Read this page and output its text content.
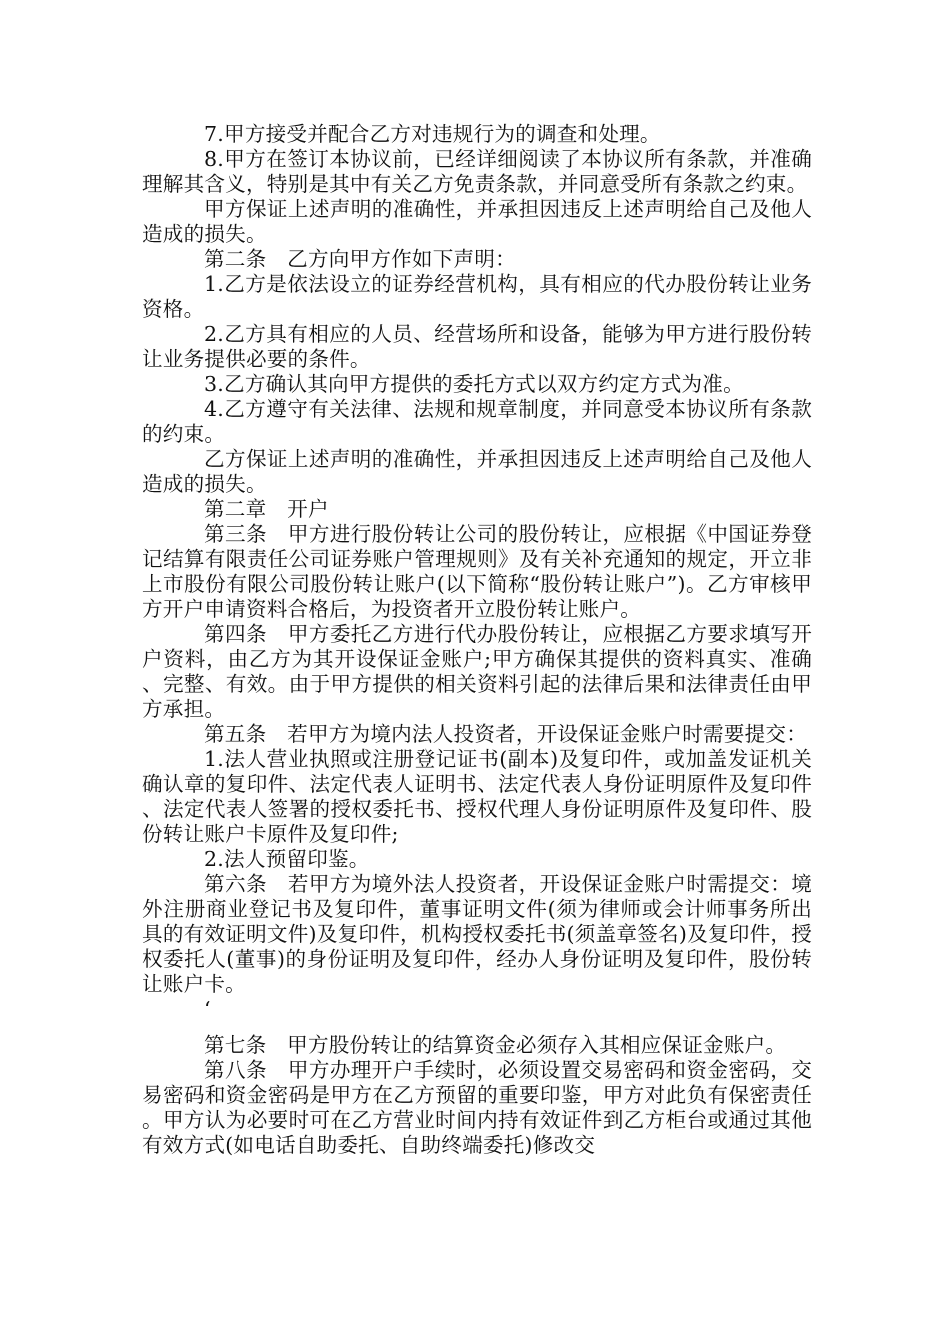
7.甲方接受并配合乙方对违规行为的调查和处理。

8.甲方在签订本协议前，已经详细阅读了本协议所有条款，并准确理解其含义，特别是其中有关乙方免责条款，并同意受所有条款之约束。

甲方保证上述声明的准确性，并承担因违反上述声明给自己及他人造成的损失。

第二条　乙方向甲方作如下声明：

1.乙方是依法设立的证券经营机构，具有相应的代办股份转让业务资格。

2.乙方具有相应的人员、经营场所和设备，能够为甲方进行股份转让业务提供必要的条件。

3.乙方确认其向甲方提供的委托方式以双方约定方式为准。

4.乙方遵守有关法律、法规和规章制度，并同意受本协议所有条款的约束。

乙方保证上述声明的准确性，并承担因违反上述声明给自己及他人造成的损失。

第二章　开户

第三条　甲方进行股份转让公司的股份转让，应根据《中国证券登记结算有限责任公司证券账户管理规则》及有关补充通知的规定，开立非上市股份有限公司股份转让账户(以下简称“股份转让账户”)。乙方审核甲方开户申请资料合格后，为投资者开立股份转让账户。

第四条　甲方委托乙方进行代办股份转让，应根据乙方要求填写开户资料，由乙方为其开设保证金账户;甲方确保其提供的资料真实、准确、完整、有效。由于甲方提供的相关资料引起的法律后果和法律责任由甲方承担。

第五条　若甲方为境内法人投资者，开设保证金账户时需要提交：

1.法人营业执照或注册登记证书(副本)及复印件，或加盖发证机关确认章的复印件、法定代表人证明书、法定代表人身份证明原件及复印件、法定代表人签署的授权委托书、授权代理人身份证明原件及复印件、股份转让账户卡原件及复印件;

2.法人预留印鉴。

第六条　若甲方为境外法人投资者，开设保证金账户时需提交：境外注册商业登记书及复印件，董事证明文件(须为律师或会计师事务所出具的有效证明文件)及复印件，机构授权委托书(须盖章签名)及复印件，授权委托人(董事)的身份证明及复印件，经办人身份证明及复印件，股份转让账户卡。

‘

第七条　甲方股份转让的结算资金必须存入其相应保证金账户。

第八条　甲方办理开户手续时，必须设置交易密码和资金密码，交易密码和资金密码是甲方在乙方预留的重要印鉴，甲方对此负有保密责任。甲方认为必要时可在乙方营业时间内持有效证件到乙方柜台或通过其他有效方式(如电话自助委托、自助终端委托)修改交
